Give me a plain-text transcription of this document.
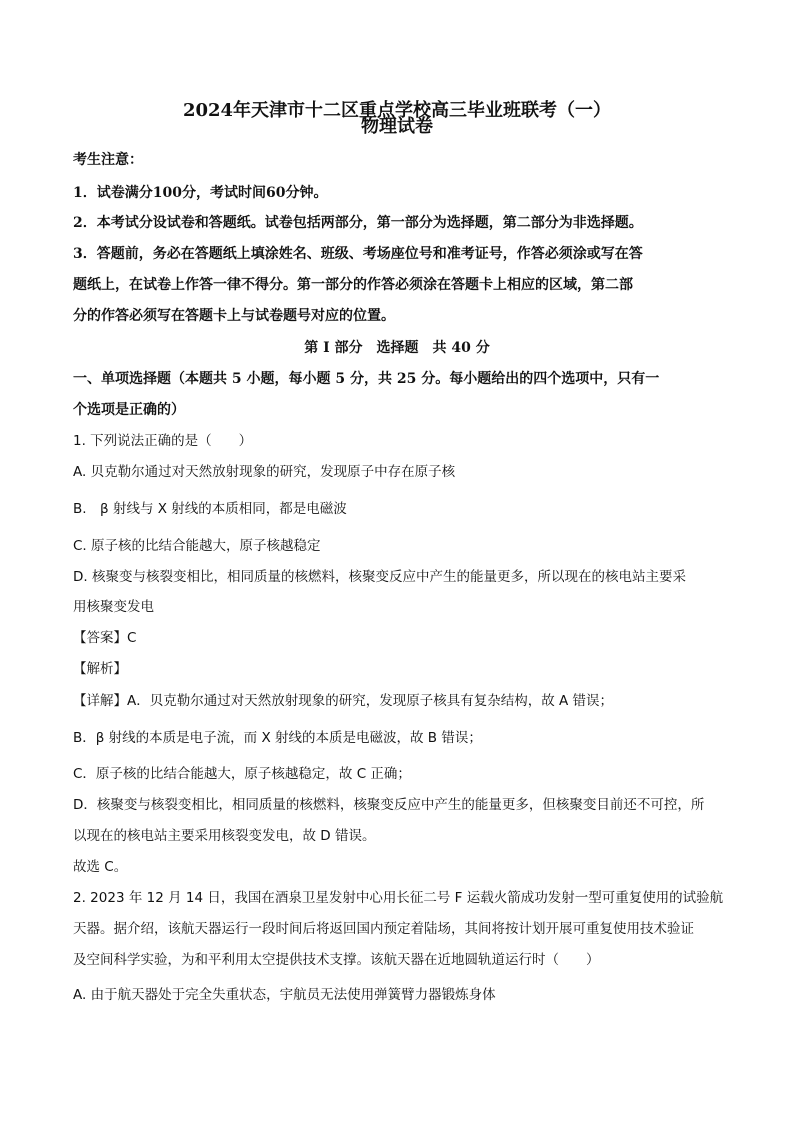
2024年天津市十二区重点学校高三毕业班联考（一）
物理试卷
考生注意：
1．试卷满分100分，考试时间60分钟。
2．本考试分设试卷和答题纸。试卷包括两部分，第一部分为选择题，第二部分为非选择题。
3．答题前，务必在答题纸上填涂姓名、班级、考场座位号和准考证号，作答必须涂或写在答
题纸上，在试卷上作答一律不得分。第一部分的作答必须涂在答题卡上相应的区域，第二部
分的作答必须写在答题卡上与试卷题号对应的位置。
第 I 部分　选择题　共 40 分
一、单项选择题（本题共 5 小题，每小题 5 分，共 25 分。每小题给出的四个选项中，只有一
个选项是正确的）
1. 下列说法正确的是（　　）
A. 贝克勒尔通过对天然放射现象的研究，发现原子中存在原子核
B.　β 射线与 X 射线的本质相同，都是电磁波
C. 原子核的比结合能越大，原子核越稳定
D. 核聚变与核裂变相比，相同质量的核燃料，核聚变反应中产生的能量更多，所以现在的核电站主要采
用核聚变发电
【答案】C
【解析】
【详解】A．贝克勒尔通过对天然放射现象的研究，发现原子核具有复杂结构，故 A 错误；
B．β 射线的本质是电子流，而 X 射线的本质是电磁波，故 B 错误；
C．原子核的比结合能越大，原子核越稳定，故 C 正确；
D．核聚变与核裂变相比，相同质量的核燃料，核聚变反应中产生的能量更多，但核聚变目前还不可控，所
以现在的核电站主要采用核裂变发电，故 D 错误。
故选 C。
2. 2023 年 12 月 14 日，我国在酒泉卫星发射中心用长征二号 F 运载火箭成功发射一型可重复使用的试验航
天器。据介绍，该航天器运行一段时间后将返回国内预定着陆场，其间将按计划开展可重复使用技术验证
及空间科学实验，为和平利用太空提供技术支撑。该航天器在近地圆轨道运行时（　　）
A. 由于航天器处于完全失重状态，宇航员无法使用弹簧臂力器锻炼身体
